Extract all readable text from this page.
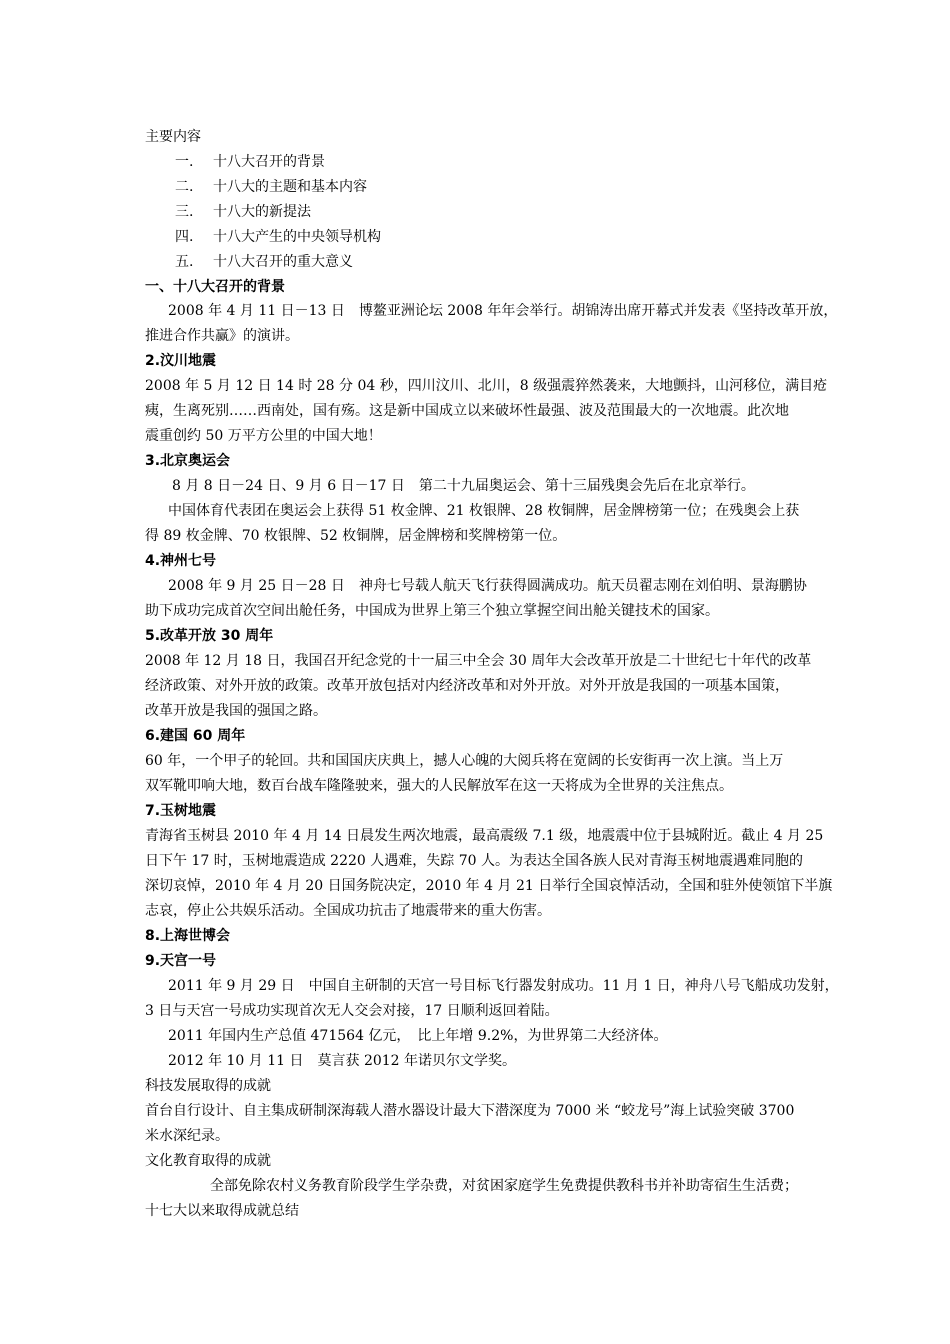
主要内容
一. 十八大召开的背景
二. 十八大的主题和基本内容
三. 十八大的新提法
四. 十八大产生的中央领导机构
五. 十八大召开的重大意义
一、十八大召开的背景
2008 年 4 月 11 日－13 日　博鳌亚洲论坛 2008 年年会举行。胡锦涛出席开幕式并发表《坚持改革开放，
推进合作共赢》的演讲。
2.汶川地震
2008 年 5 月 12 日 14 时 28 分 04 秒，四川汶川、北川，8 级强震猝然袭来，大地颤抖，山河移位，满目疮
痍，生离死别……西南处，国有殇。这是新中国成立以来破坏性最强、波及范围最大的一次地震。此次地
震重创约 50 万平方公里的中国大地！
3.北京奥运会
8 月 8 日－24 日、9 月 6 日－17 日　第二十九届奥运会、第十三届残奥会先后在北京举行。
中国体育代表团在奥运会上获得 51 枚金牌、21 枚银牌、28 枚铜牌，居金牌榜第一位；在残奥会上获
得 89 枚金牌、70 枚银牌、52 枚铜牌，居金牌榜和奖牌榜第一位。
4.神州七号
2008 年 9 月 25 日－28 日　神舟七号载人航天飞行获得圆满成功。航天员翟志刚在刘伯明、景海鹏协
助下成功完成首次空间出舱任务，中国成为世界上第三个独立掌握空间出舱关键技术的国家。
5.改革开放 30 周年
2008 年 12 月 18 日，我国召开纪念党的十一届三中全会 30 周年大会改革开放是二十世纪七十年代的改革
经济政策、对外开放的政策。改革开放包括对内经济改革和对外开放。对外开放是我国的一项基本国策，
改革开放是我国的强国之路。
6.建国 60 周年
60 年，一个甲子的轮回。共和国国庆庆典上，撼人心魄的大阅兵将在宽阔的长安街再一次上演。当上万
双军靴叩响大地，数百台战车隆隆驶来，强大的人民解放军在这一天将成为全世界的关注焦点。
7.玉树地震
青海省玉树县 2010 年 4 月 14 日晨发生两次地震，最高震级 7.1 级，地震震中位于县城附近。截止 4 月 25
日下午 17 时，玉树地震造成 2220 人遇难，失踪 70 人。为表达全国各族人民对青海玉树地震遇难同胞的
深切哀悼，2010 年 4 月 20 日国务院决定，2010 年 4 月 21 日举行全国哀悼活动，全国和驻外使领馆下半旗
志哀，停止公共娱乐活动。全国成功抗击了地震带来的重大伤害。
8.上海世博会
9.天宫一号
2011 年 9 月 29 日　中国自主研制的天宫一号目标飞行器发射成功。11 月 1 日，神舟八号飞船成功发射，
3 日与天宫一号成功实现首次无人交会对接，17 日顺利返回着陆。
2011 年国内生产总值 471564 亿元，　比上年增 9.2%，为世界第二大经济体。
2012 年 10 月 11 日　莫言获 2012 年诺贝尔文学奖。
科技发展取得的成就
首台自行设计、自主集成研制深海载人潜水器设计最大下潜深度为 7000 米 “蛟龙号”海上试验突破 3700
米水深纪录。
文化教育取得的成就
全部免除农村义务教育阶段学生学杂费，对贫困家庭学生免费提供教科书并补助寄宿生生活费；
十七大以来取得成就总结
